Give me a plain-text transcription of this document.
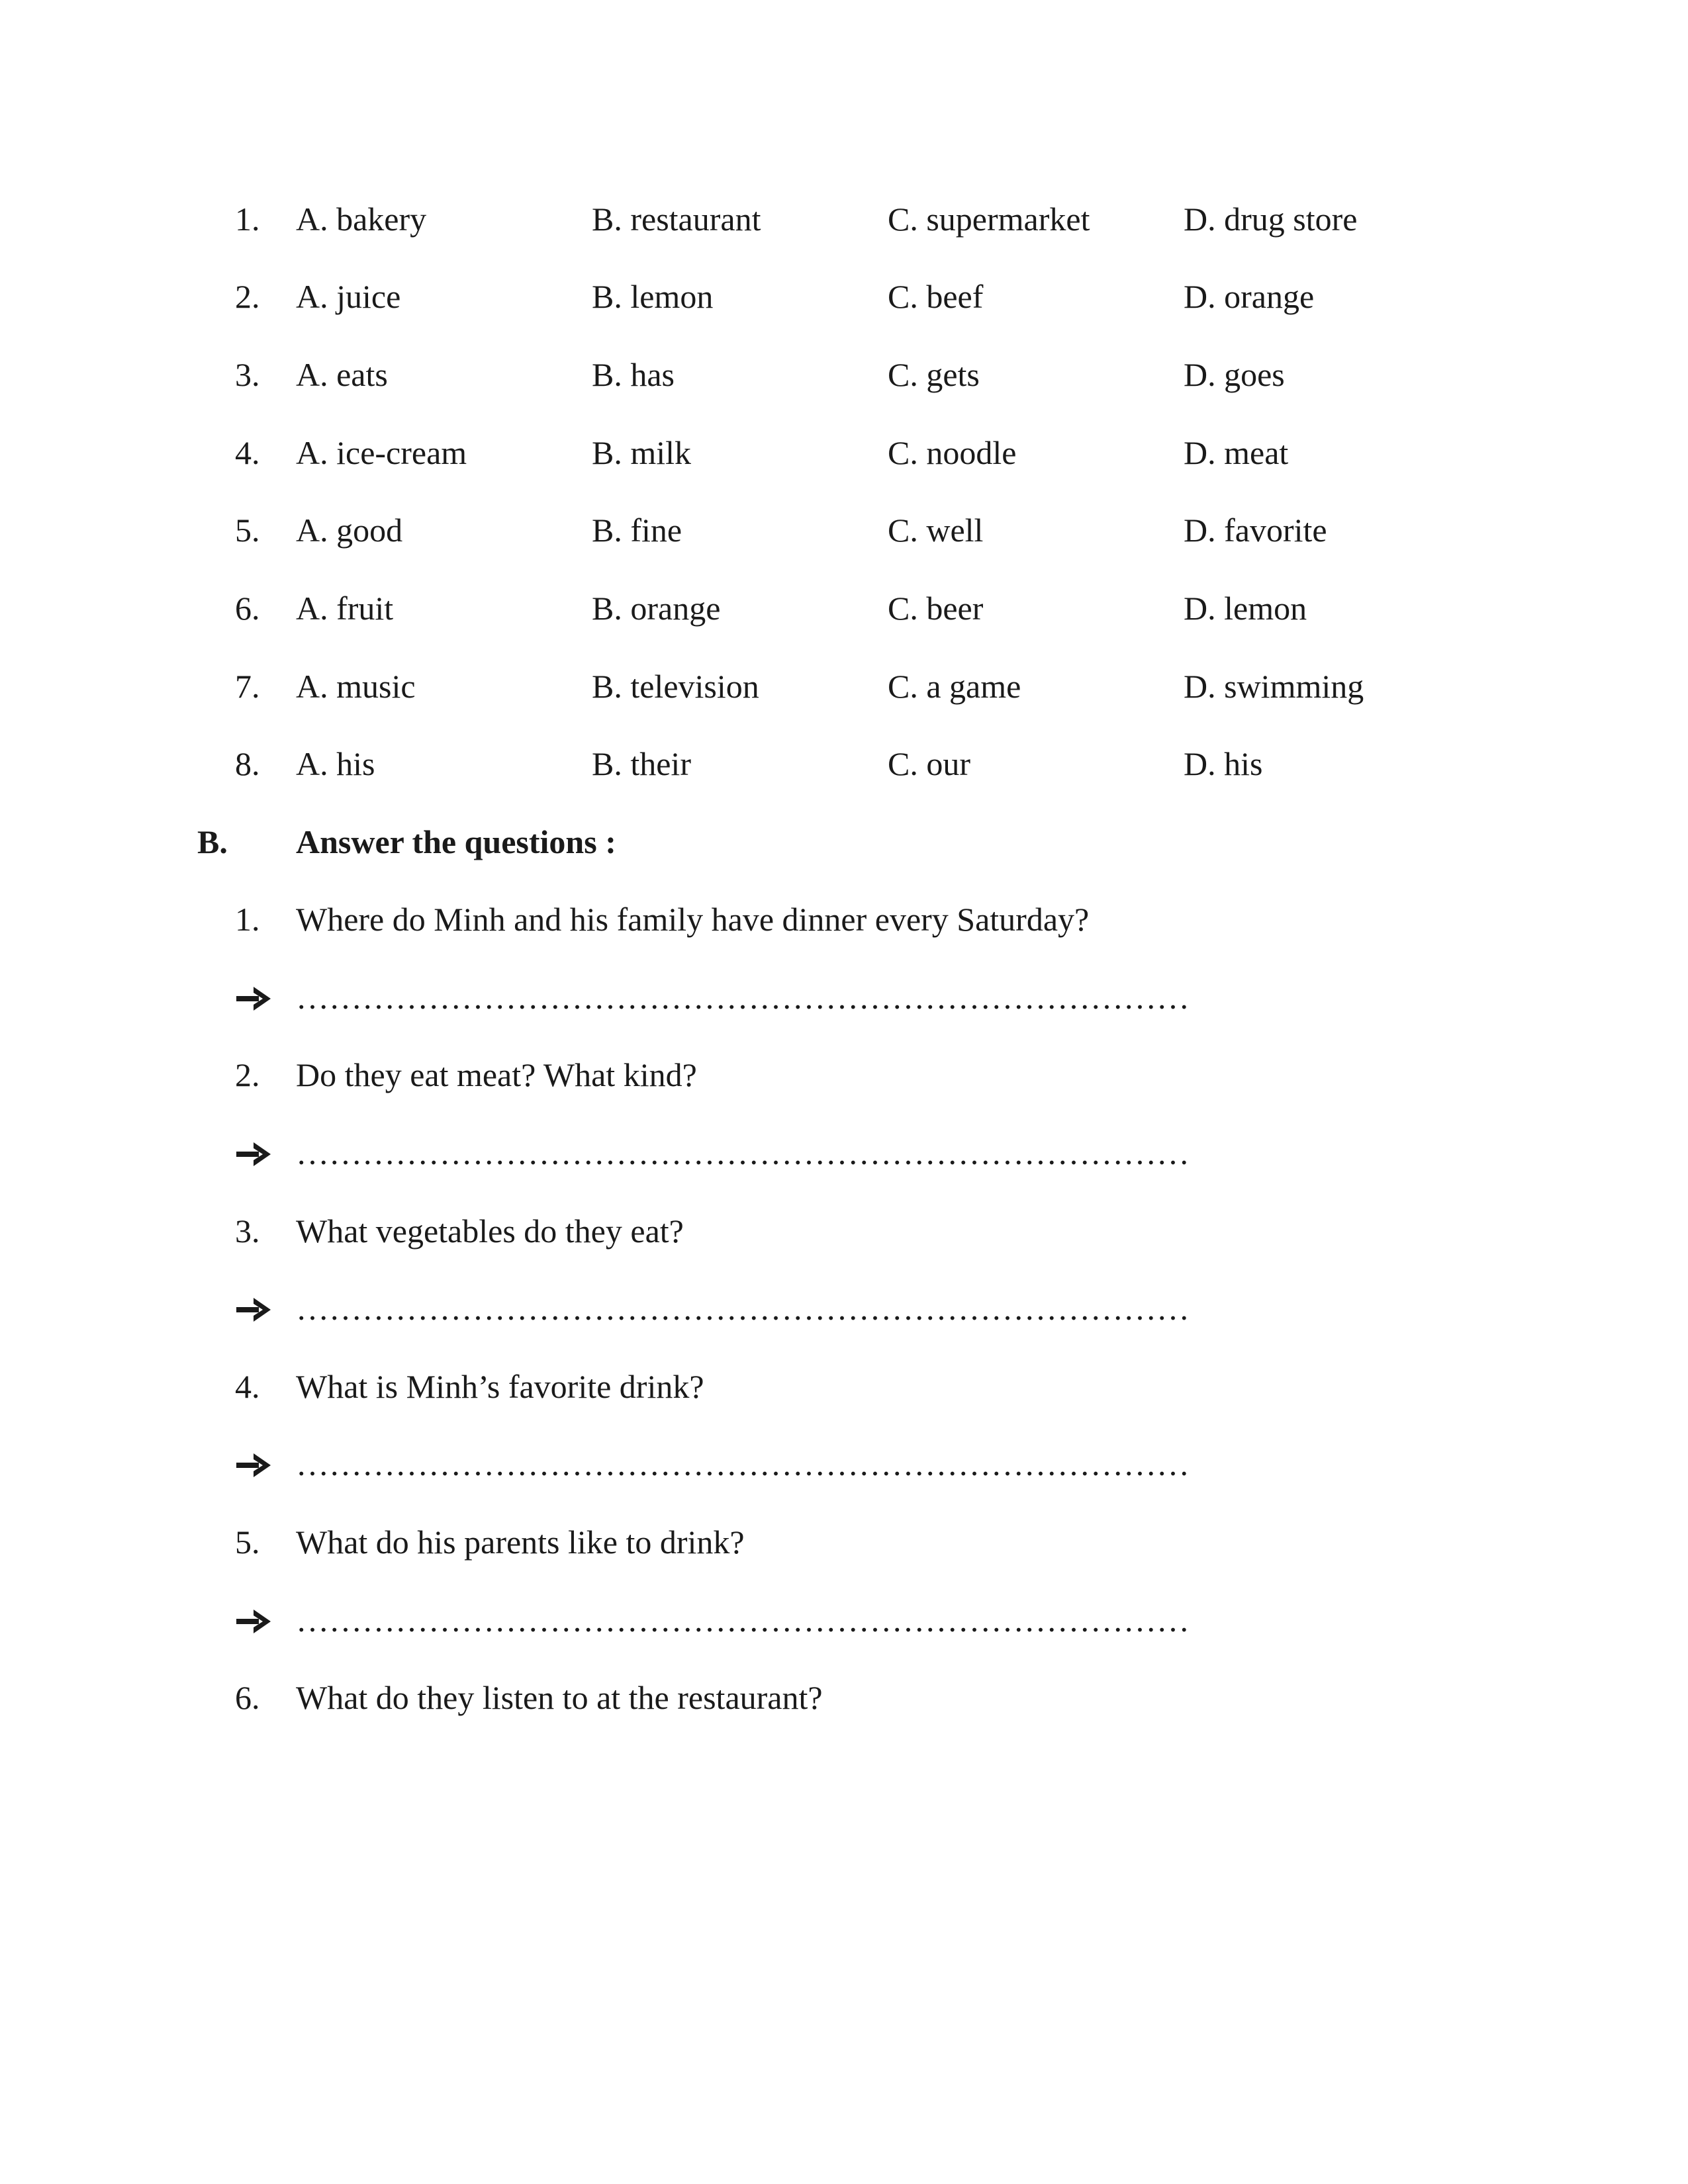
1. A. bakery	B. restaurant	C. supermarket	D. drug store
2. A. juice	B. lemon	C. beef	D. orange
3. A. eats	B. has	C. gets	D. goes
4. A. ice-cream	B. milk	C. noodle	D. meat
5. A. good	B. fine	C. well	D. favorite
6. A. fruit	B. orange	C. beer	D. lemon
7. A. music	B. television	C. a game	D. swimming
8. A. his	B. their	C. our	D. his
B. Answer the questions :
1. Where do Minh and his family have dinner every Saturday?
………………………………………………………………………
2. Do they eat meat? What kind?
………………………………………………………………………
3. What vegetables do they eat?
………………………………………………………………………
4. What is Minh’s favorite drink?
………………………………………………………………………
5. What do his parents like to drink?
………………………………………………………………………
6. What do they listen to at the restaurant?
